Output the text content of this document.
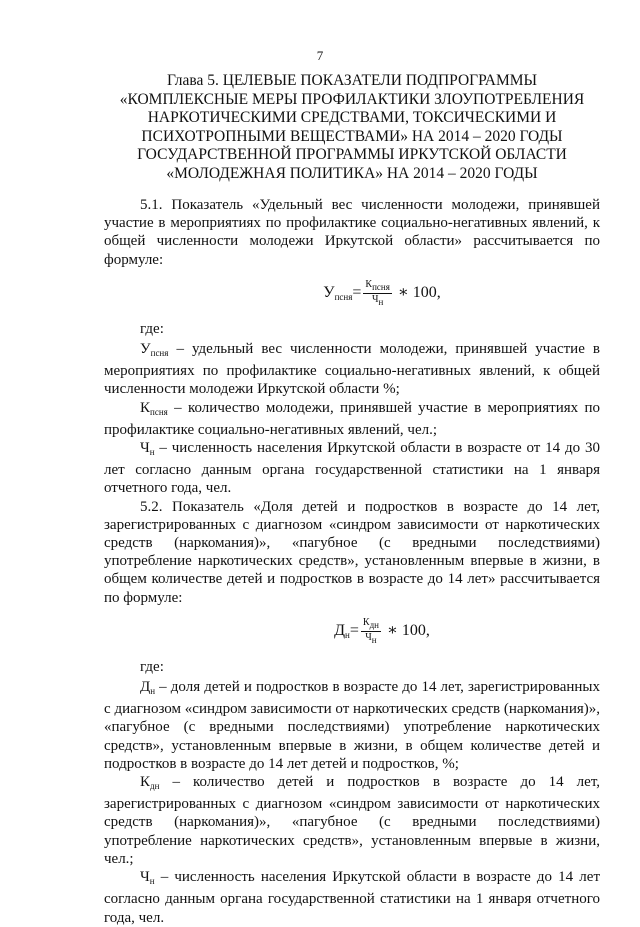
7
Глава 5. ЦЕЛЕВЫЕ ПОКАЗАТЕЛИ ПОДПРОГРАММЫ
«КОМПЛЕКСНЫЕ МЕРЫ ПРОФИЛАКТИКИ ЗЛОУПОТРЕБЛЕНИЯ
НАРКОТИЧЕСКИМИ СРЕДСТВАМИ, ТОКСИЧЕСКИМИ И
ПСИХОТРОПНЫМИ ВЕЩЕСТВАМИ» НА 2014 – 2020 ГОДЫ
ГОСУДАРСТВЕННОЙ ПРОГРАММЫ ИРКУТСКОЙ ОБЛАСТИ
«МОЛОДЕЖНАЯ ПОЛИТИКА» НА 2014 – 2020 ГОДЫ

5.1. Показатель «Удельный вес численности молодежи, принявшей участие в мероприятиях по профилактике социально-негативных явлений, к общей численности молодежи Иркутской области» рассчитывается по формуле:

$У_{псня}= \frac{\text{Кпсня}}{Чн}$ ∗ 100,
где:

$У_{псня}$ – удельный вес численности молодежи, принявшей участие в мероприятиях по профилактике социально-негативных явлений, к общей численности молодежи Иркутской области %;

$К_{псня}$ – количество молодежи, принявшей участие в мероприятиях по профилактике социально-негативных явлений, чел.;

$Ч_н$ – численность населения Иркутской области в возрасте от 14 до 30 лет согласно данным органа государственной статистики на 1 января отчетного года, чел.

5.2. Показатель «Доля детей и подростков в возрасте до 14 лет, зарегистрированных с диагнозом «синдром зависимости от наркотических средств (наркомания)», «пагубное (с вредными последствиями) употребление наркотических средств», установленным впервые в жизни, в общем количестве детей и подростков в возрасте до 14 лет» рассчитывается по формуле:

$Д_н= \frac{\text{Кдн}}{Чн}$ ∗ 100,
где:

$Д_н$ – доля детей и подростков в возрасте до 14 лет, зарегистрированных с диагнозом «синдром зависимости от наркотических средств (наркомания)», «пагубное (с вредными последствиями) употребление наркотических средств», установленным впервые в жизни, в общем количестве детей и подростков в возрасте до 14 лет детей и подростков, %;

$К_{дн}$ – количество детей и подростков в возрасте до 14 лет, зарегистрированных с диагнозом «синдром зависимости от наркотических средств (наркомания)», «пагубное (с вредными последствиями) употребление наркотических средств», установленным впервые в жизни, чел.;

$Ч_н$ – численность населения Иркутской области в возрасте до 14 лет согласно данным органа государственной статистики на 1 января отчетного года, чел.
